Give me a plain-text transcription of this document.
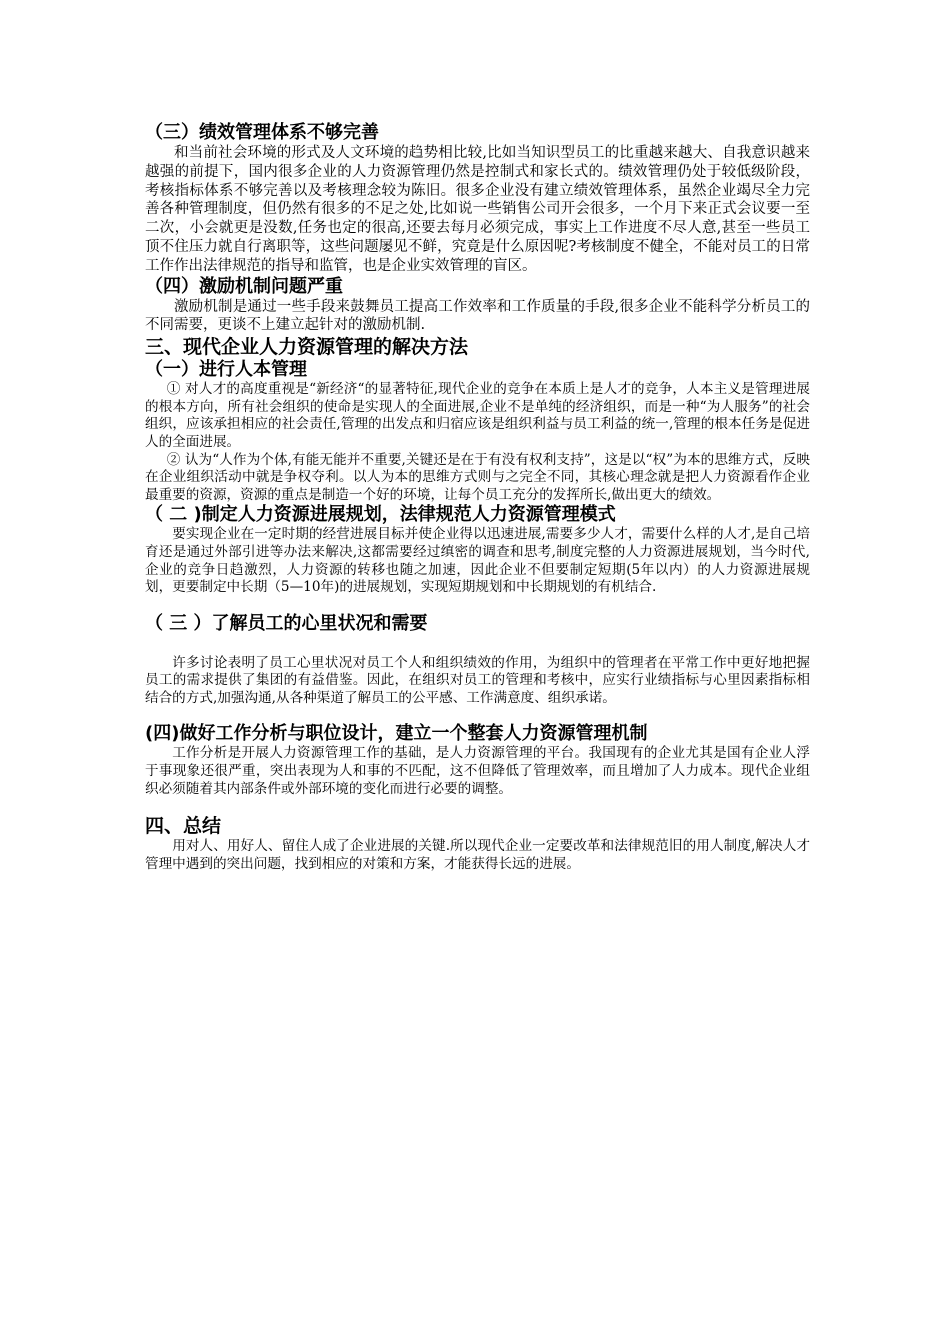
（三）绩效管理体系不够完善

和当前社会环境的形式及人文环境的趋势相比较,比如当知识型员工的比重越来越大、自我意识越来越强的前提下，国内很多企业的人力资源管理仍然是控制式和家长式的。绩效管理仍处于较低级阶段，考核指标体系不够完善以及考核理念较为陈旧。很多企业没有建立绩效管理体系，虽然企业竭尽全力完善各种管理制度，但仍然有很多的不足之处,比如说一些销售公司开会很多，一个月下来正式会议要一至二次，小会就更是没数,任务也定的很高,还要去每月必须完成，事实上工作进度不尽人意,甚至一些员工顶不住压力就自行离职等，这些问题屡见不鲜，究竟是什么原因呢?考核制度不健全，不能对员工的日常工作作出法律规范的指导和监管，也是企业实效管理的盲区。

（四）激励机制问题严重

激励机制是通过一些手段来鼓舞员工提高工作效率和工作质量的手段,很多企业不能科学分析员工的不同需要，更谈不上建立起针对的激励机制.

三、现代企业人力资源管理的解决方法
（一）进行人本管理

① 对人才的高度重视是“新经济“的显著特征,现代企业的竞争在本质上是人才的竞争，人本主义是管理进展的根本方向，所有社会组织的使命是实现人的全面进展,企业不是单纯的经济组织，而是一种“为人服务”的社会组织，应该承担相应的社会责任,管理的出发点和归宿应该是组织利益与员工利益的统一,管理的根本任务是促进人的全面进展。

② 认为“人作为个体,有能无能并不重要,关键还是在于有没有权利支持”，这是以“权”为本的思维方式，反映在企业组织活动中就是争权夺利。以人为本的思维方式则与之完全不同，其核心理念就是把人力资源看作企业最重要的资源，资源的重点是制造一个好的环境，让每个员工充分的发挥所长,做出更大的绩效。

（ 二 )制定人力资源进展规划，法律规范人力资源管理模式

要实现企业在一定时期的经营进展目标并使企业得以迅速进展,需要多少人才，需要什么样的人才,是自己培育还是通过外部引进等办法来解决,这都需要经过缜密的调查和思考,制度完整的人力资源进展规划，当今时代,企业的竞争日趋激烈，人力资源的转移也随之加速，因此企业不但要制定短期(5年以内）的人力资源进展规划，更要制定中长期（5—10年)的进展规划，实现短期规划和中长期规划的有机结合.

（ 三 ）了解员工的心里状况和需要

许多讨论表明了员工心里状况对员工个人和组织绩效的作用，为组织中的管理者在平常工作中更好地把握员工的需求提供了集团的有益借鉴。因此，在组织对员工的管理和考核中，应实行业绩指标与心里因素指标相结合的方式,加强沟通,从各种渠道了解员工的公平感、工作满意度、组织承诺。

(四)做好工作分析与职位设计，建立一个整套人力资源管理机制

工作分析是开展人力资源管理工作的基础，是人力资源管理的平台。我国现有的企业尤其是国有企业人浮于事现象还很严重，突出表现为人和事的不匹配，这不但降低了管理效率，而且增加了人力成本。现代企业组织必须随着其内部条件或外部环境的变化而进行必要的调整。

四、总结

用对人、用好人、留住人成了企业进展的关键.所以现代企业一定要改革和法律规范旧的用人制度,解决人才管理中遇到的突出问题，找到相应的对策和方案，才能获得长远的进展。
